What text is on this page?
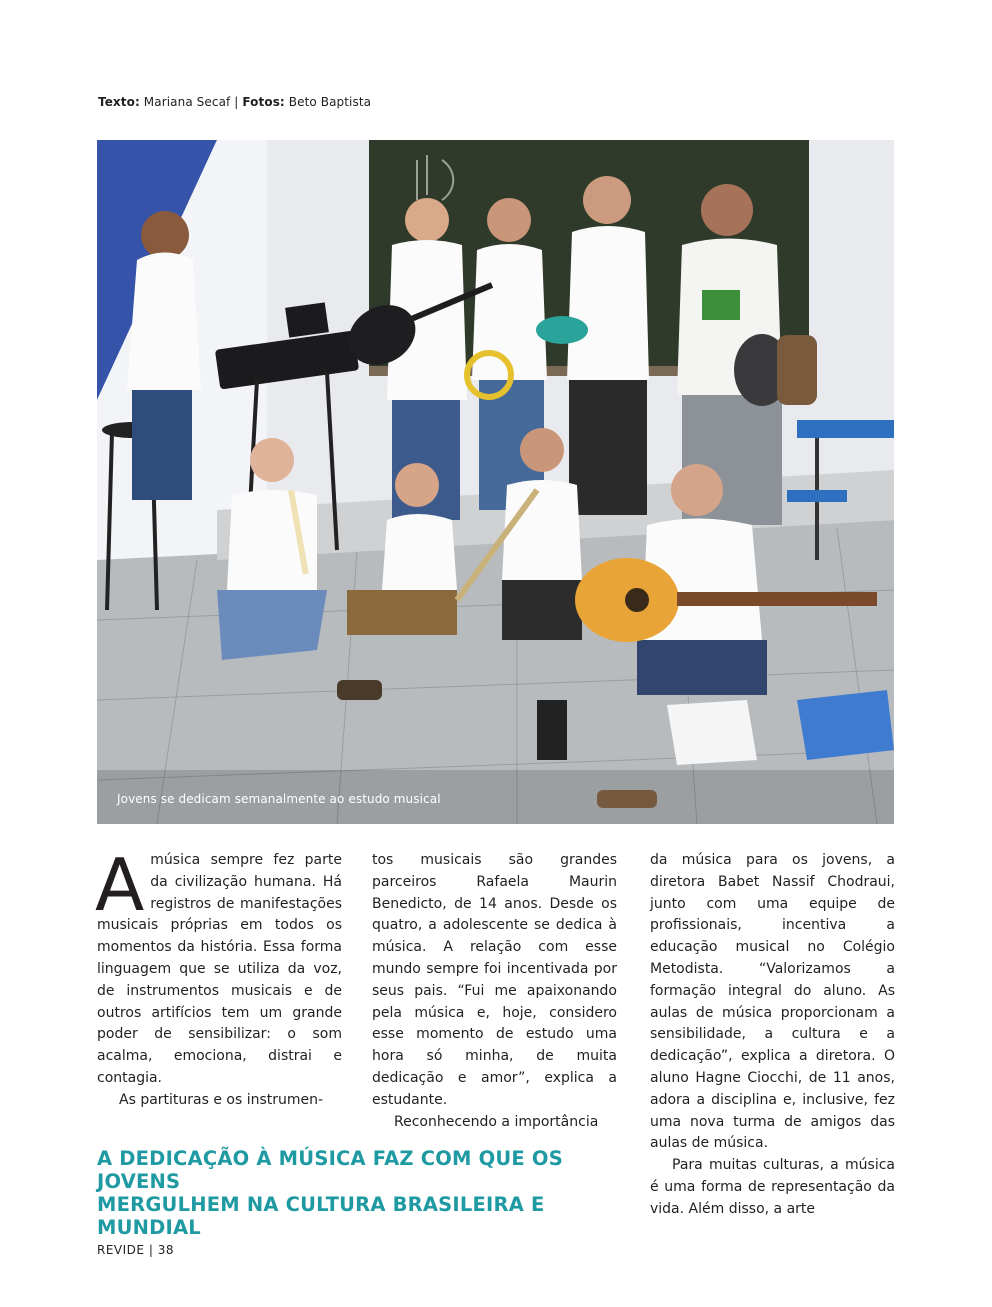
Texto: Mariana Secaf | Fotos: Beto Baptista
Jovens se dedicam semanalmente ao estudo musical

Amúsica sempre fez parte da civilização humana. Há registros de manifestações musicais próprias em todos os momentos da história. Essa forma linguagem que se utiliza da voz, de instrumentos musicais e de outros artifícios tem um grande poder de sensibilizar: o som acalma, emociona, distrai e contagia.

As partituras e os instrumen-

tos musicais são grandes parceiros Rafaela Maurin Benedicto, de 14 anos. Desde os quatro, a adolescente se dedica à música. A relação com esse mundo sempre foi incentivada por seus pais. “Fui me apaixonando pela música e, hoje, considero esse momento de estudo uma hora só minha, de muita dedicação e amor”, explica a estudante.

Reconhecendo a importância

da música para os jovens, a diretora Babet Nassif Chodraui, junto com uma equipe de profissionais, incentiva a educação musical no Colégio Metodista. “Valorizamos a formação integral do aluno. As aulas de música proporcionam a sensibilidade, a cultura e a dedicação”, explica a diretora. O aluno Hagne Ciocchi, de 11 anos, adora a disciplina e, inclusive, fez uma nova turma de amigos das aulas de música.

Para muitas culturas, a música é uma forma de representação da vida. Além disso, a arte

A DEDICAÇÃO À MÚSICA FAZ COM QUE OS JOVENS
MERGULHEM NA CULTURA BRASILEIRA E MUNDIAL
REVIDE | 38
